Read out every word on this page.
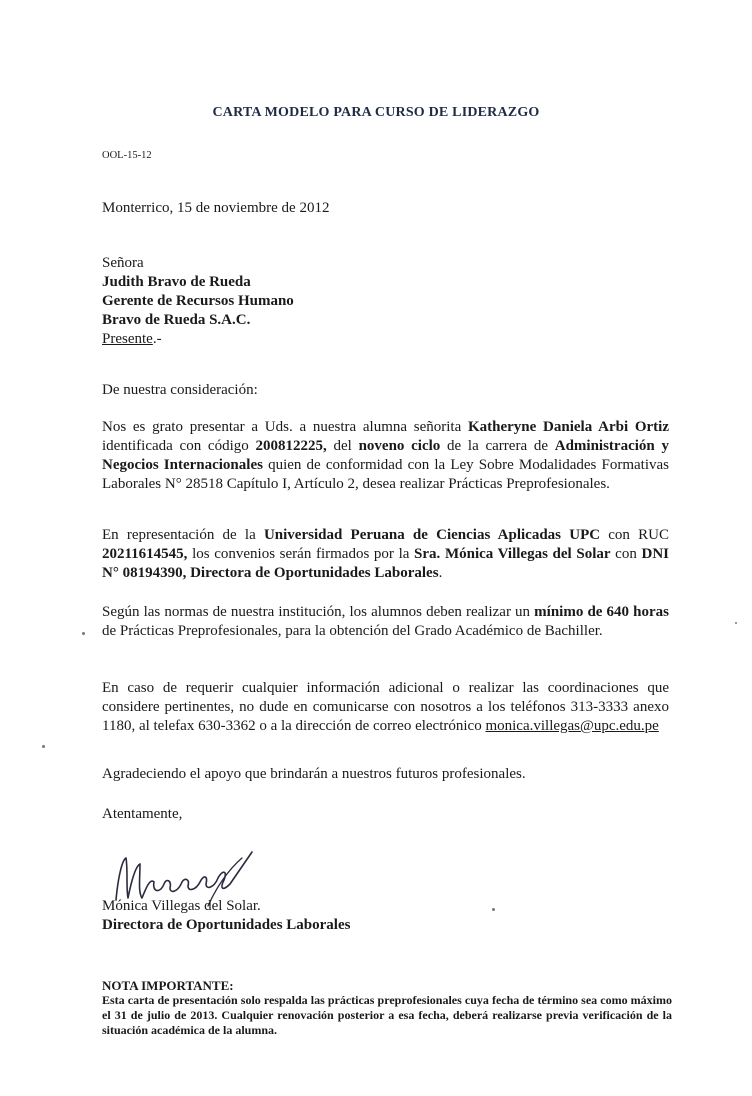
CARTA MODELO PARA CURSO DE LIDERAZGO
OOL-15-12
Monterrico, 15 de noviembre de 2012
Señora
Judith Bravo de Rueda
Gerente de Recursos Humano
Bravo de Rueda S.A.C.
Presente.-
De nuestra consideración:
Nos es grato presentar a Uds. a nuestra alumna señorita Katheryne Daniela Arbi Ortiz identificada con código 200812225, del noveno ciclo de la carrera de Administración y Negocios Internacionales quien de conformidad con la Ley Sobre Modalidades Formativas Laborales N° 28518 Capítulo I, Artículo 2, desea realizar Prácticas Preprofesionales.
En representación de la Universidad Peruana de Ciencias Aplicadas UPC con RUC 20211614545, los convenios serán firmados por la Sra. Mónica Villegas del Solar con DNI N° 08194390, Directora de Oportunidades Laborales.
Según las normas de nuestra institución, los alumnos deben realizar un mínimo de 640 horas de Prácticas Preprofesionales, para la obtención del Grado Académico de Bachiller.
En caso de requerir cualquier información adicional o realizar las coordinaciones que considere pertinentes, no dude en comunicarse con nosotros a los teléfonos 313-3333 anexo 1180, al telefax 630-3362 o a la dirección de correo electrónico monica.villegas@upc.edu.pe
Agradeciendo el apoyo que brindarán a nuestros futuros profesionales.
Atentamente,
Mónica Villegas del Solar.
Directora de Oportunidades Laborales
NOTA IMPORTANTE:
Esta carta de presentación solo respalda las prácticas preprofesionales cuya fecha de término sea como máximo el 31 de julio de 2013. Cualquier renovación posterior a esa fecha, deberá realizarse previa verificación de la situación académica de la alumna.
